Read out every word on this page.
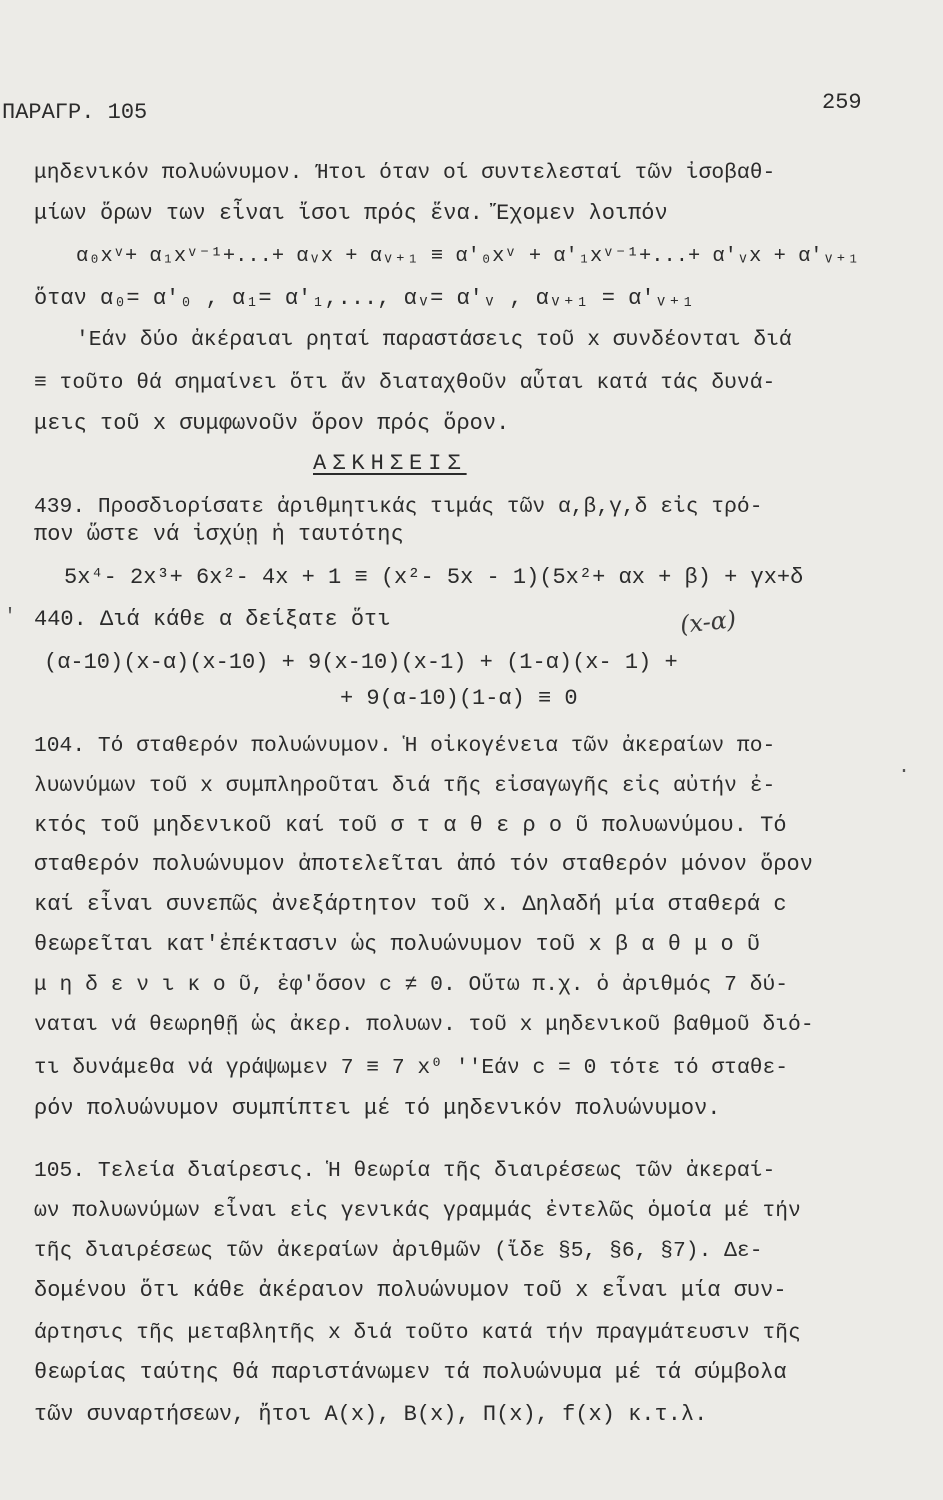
ΠΑΡΑΓΡ. 105	259
μηδενικόν πολυώνυμον. Ήτοι όταν οί συντελεσταί τῶν ἰσοβαθ-
μίων ὅρων των εἶναι ἴσοι πρός ἕνα. Ἔχομεν λοιπόν
α₀xᵛ+ α₁xᵛ⁻¹+...+ αᵥx + αᵥ₊₁ ≡ α′₀xᵛ + α′₁xᵛ⁻¹+...+ α′ᵥx + α′ᵥ₊₁
ὅταν α₀= α′₀ , α₁= α′₁,..., αᵥ= α′ᵥ , αᵥ₊₁ = α′ᵥ₊₁
'Εάν δύο ἀκέραιαι ρηταί παραστάσεις τοῦ x συνδέονται διά
≡ τοῦτο θά σημαίνει ὅτι ἄν διαταχθοῦν αὗται κατά τάς δυνά-
μεις τοῦ x συμφωνοῦν ὅρον πρός ὅρον.
ΑΣΚΗΣΕΙΣ
439. Προσδιορίσατε ἀριθμητικάς τιμάς τῶν α,β,γ,δ εἰς τρό-
πον ὥστε νά ἰσχύῃ ἡ ταυτότης
5x⁴- 2x³+ 6x²- 4x + 1 ≡ (x²- 5x - 1)(5x²+ αx + β) + γx+δ
440. Διά κάθε α δείξατε ὅτι	(x-α)
(α-10)(x-α)(x-10) + 9(x-10)(x-1) + (1-α)(x- 1) +
+ 9(α-10)(1-α) ≡ 0
104. Τό σταθερόν πολυώνυμον. Ἡ οἰκογένεια τῶν ἀκεραίων πο-
λυωνύμων τοῦ x συμπληροῦται διά τῆς εἰσαγωγῆς εἰς αὐτήν ἐ-
κτός τοῦ μηδενικοῦ καί τοῦ σ τ α θ ε ρ ο ῦ πολυωνύμου. Τό
σταθερόν πολυώνυμον ἀποτελεῖται ἀπό τόν σταθερόν μόνον ὅρον
καί εἶναι συνεπῶς ἀνεξάρτητον τοῦ x. Δηλαδή μία σταθερά c
θεωρεῖται κατ'ἐπέκτασιν ὡς πολυώνυμον τοῦ x β α θ μ ο ῦ
μ η δ ε ν ι κ ο ῦ, ἐφ'ὅσον c ≠ 0. Οὕτω π.χ. ὁ ἀριθμός 7 δύ-
ναται νά θεωρηθῇ ὡς ἀκερ. πολυων. τοῦ x μηδενικοῦ βαθμοῦ διό-
τι δυνάμεθα νά γράψωμεν 7 ≡ 7 x⁰ ''Εάν c = 0 τότε τό σταθε-
ρόν πολυώνυμον συμπίπτει μέ τό μηδενικόν πολυώνυμον.
105. Τελεία διαίρεσις. Ἡ θεωρία τῆς διαιρέσεως τῶν ἀκεραί-
ων πολυωνύμων εἶναι εἰς γενικάς γραμμάς ἐντελῶς ὁμοία μέ τήν
τῆς διαιρέσεως τῶν ἀκεραίων ἀριθμῶν (ἴδε §5, §6, §7). Δε-
δομένου ὅτι κάθε ἀκέραιον πολυώνυμον τοῦ x εἶναι μία συν-
άρτησις τῆς μεταβλητῆς x διά τοῦτο κατά τήν πραγμάτευσιν τῆς
θεωρίας ταύτης θά παριστάνωμεν τά πολυώνυμα μέ τά σύμβολα
τῶν συναρτήσεων, ἤτοι A(x), B(x), Π(x), f(x) κ.τ.λ.
'
·
